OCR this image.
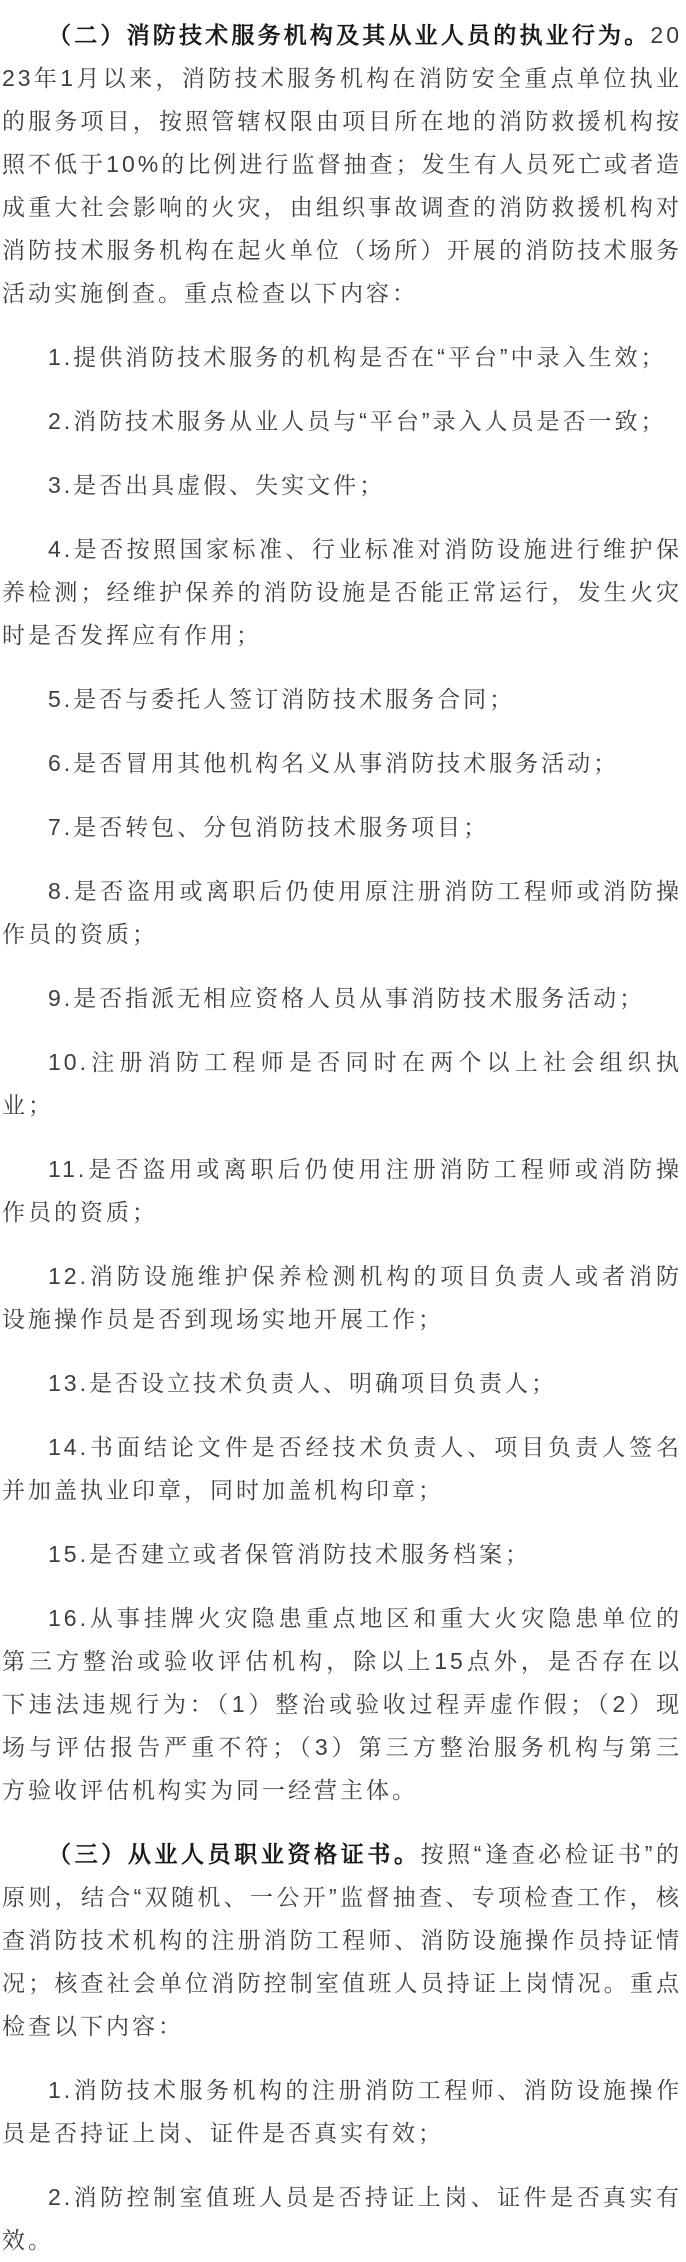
（二）消防技术服务机构及其从业人员的执业行为。2023年1月以来，消防技术服务机构在消防安全重点单位执业的服务项目，按照管辖权限由项目所在地的消防救援机构按照不低于10%的比例进行监督抽查；发生有人员死亡或者造成重大社会影响的火灾，由组织事故调查的消防救援机构对消防技术服务机构在起火单位（场所）开展的消防技术服务活动实施倒查。重点检查以下内容：

1.提供消防技术服务的机构是否在“平台”中录入生效；

2.消防技术服务从业人员与“平台”录入人员是否一致；

3.是否出具虚假、失实文件；

4.是否按照国家标准、行业标准对消防设施进行维护保养检测；经维护保养的消防设施是否能正常运行，发生火灾时是否发挥应有作用；

5.是否与委托人签订消防技术服务合同；

6.是否冒用其他机构名义从事消防技术服务活动；

7.是否转包、分包消防技术服务项目；

8.是否盗用或离职后仍使用原注册消防工程师或消防操作员的资质；

9.是否指派无相应资格人员从事消防技术服务活动；

10.注册消防工程师是否同时在两个以上社会组织执业；

11.是否盗用或离职后仍使用注册消防工程师或消防操作员的资质；

12.消防设施维护保养检测机构的项目负责人或者消防设施操作员是否到现场实地开展工作；

13.是否设立技术负责人、明确项目负责人；

14.书面结论文件是否经技术负责人、项目负责人签名并加盖执业印章，同时加盖机构印章；

15.是否建立或者保管消防技术服务档案；

16.从事挂牌火灾隐患重点地区和重大火灾隐患单位的第三方整治或验收评估机构，除以上15点外，是否存在以下违法违规行为：（1）整治或验收过程弄虚作假；（2）现场与评估报告严重不符；（3）第三方整治服务机构与第三方验收评估机构实为同一经营主体。

（三）从业人员职业资格证书。按照“逢查必检证书”的原则，结合“双随机、一公开”监督抽查、专项检查工作，核查消防技术机构的注册消防工程师、消防设施操作员持证情况；核查社会单位消防控制室值班人员持证上岗情况。重点检查以下内容：

1.消防技术服务机构的注册消防工程师、消防设施操作员是否持证上岗、证件是否真实有效；

2.消防控制室值班人员是否持证上岗、证件是否真实有效。
